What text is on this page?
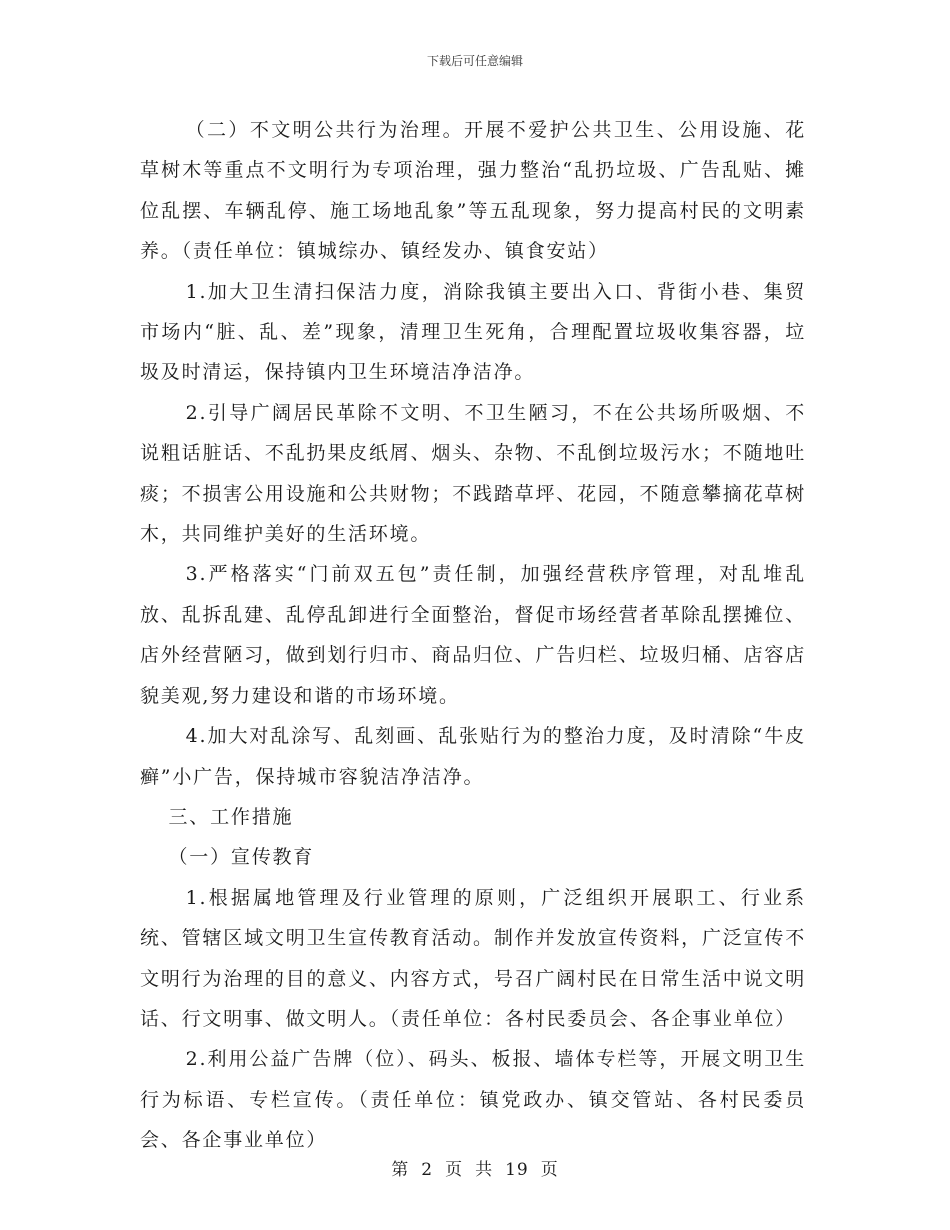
下载后可任意编辑

（二）不文明公共行为治理。开展不爱护公共卫生、公用设施、花草树木等重点不文明行为专项治理，强力整治“乱扔垃圾、广告乱贴、摊位乱摆、车辆乱停、施工场地乱象”等五乱现象，努力提高村民的文明素养。（责任单位：镇城综办、镇经发办、镇食安站）

1.加大卫生清扫保洁力度，消除我镇主要出入口、背街小巷、集贸市场内“脏、乱、差”现象，清理卫生死角，合理配置垃圾收集容器，垃圾及时清运，保持镇内卫生环境洁净洁净。

2.引导广阔居民革除不文明、不卫生陋习，不在公共场所吸烟、不说粗话脏话、不乱扔果皮纸屑、烟头、杂物、不乱倒垃圾污水；不随地吐痰；不损害公用设施和公共财物；不践踏草坪、花园，不随意攀摘花草树木，共同维护美好的生活环境。

3.严格落实“门前双五包”责任制，加强经营秩序管理，对乱堆乱放、乱拆乱建、乱停乱卸进行全面整治，督促市场经营者革除乱摆摊位、店外经营陋习，做到划行归市、商品归位、广告归栏、垃圾归桶、店容店貌美观,努力建设和谐的市场环境。

4.加大对乱涂写、乱刻画、乱张贴行为的整治力度，及时清除“牛皮癣”小广告，保持城市容貌洁净洁净。

三、工作措施

（一）宣传教育

1.根据属地管理及行业管理的原则，广泛组织开展职工、行业系统、管辖区域文明卫生宣传教育活动。制作并发放宣传资料，广泛宣传不文明行为治理的目的意义、内容方式，号召广阔村民在日常生活中说文明话、行文明事、做文明人。（责任单位：各村民委员会、各企事业单位）

2.利用公益广告牌（位）、码头、板报、墙体专栏等，开展文明卫生行为标语、专栏宣传。（责任单位：镇党政办、镇交管站、各村民委员会、各企事业单位）

第 2 页 共 19 页
